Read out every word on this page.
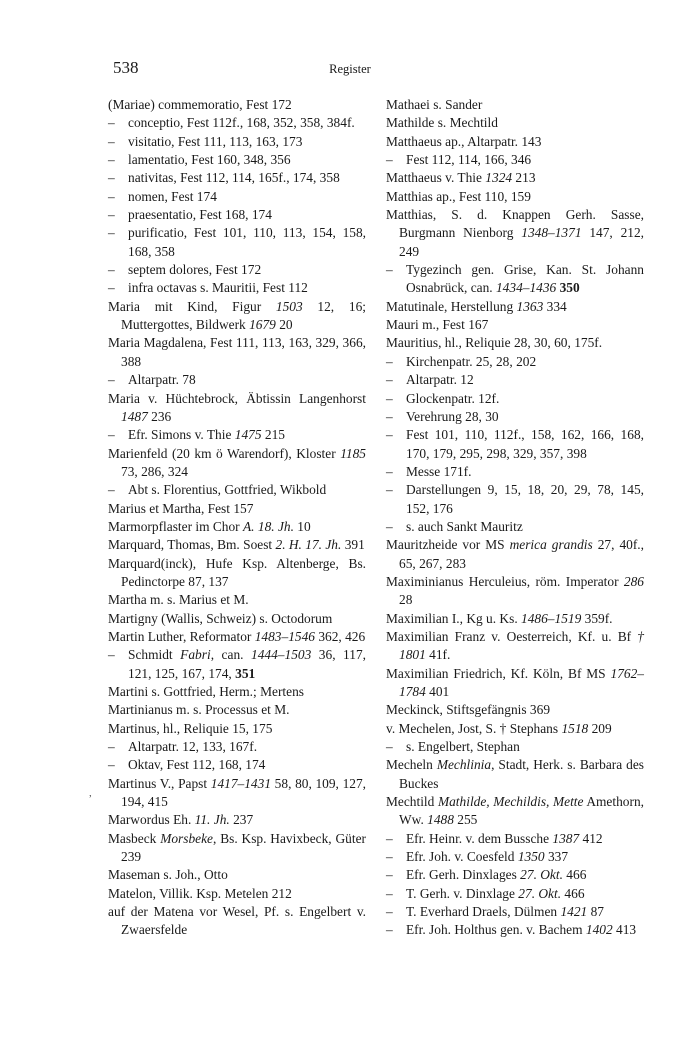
538	Register
,
(Mariae) commemoratio, Fest 172
– conceptio, Fest 112f., 168, 352, 358, 384f.
– visitatio, Fest 111, 113, 163, 173
– lamentatio, Fest 160, 348, 356
– nativitas, Fest 112, 114, 165f., 174, 358
– nomen, Fest 174
– praesentatio, Fest 168, 174
– purificatio, Fest 101, 110, 113, 154, 158, 168, 358
– septem dolores, Fest 172
– infra octavas s. Mauritii, Fest 112
Maria mit Kind, Figur 1503 12, 16; Muttergottes, Bildwerk 1679 20
Maria Magdalena, Fest 111, 113, 163, 329, 366, 388
– Altarpatr. 78
Maria v. Hüchtebrock, Äbtissin Langenhorst 1487 236
– Efr. Simons v. Thie 1475 215
Marienfeld (20 km ö Warendorf), Kloster 1185 73, 286, 324
– Abt s. Florentius, Gottfried, Wikbold
Marius et Martha, Fest 157
Marmorpflaster im Chor A. 18. Jh. 10
Marquard, Thomas, Bm. Soest 2. H. 17. Jh. 391
Marquard(inck), Hufe Ksp. Altenberge, Bs. Pedinctorpe 87, 137
Martha m. s. Marius et M.
Martigny (Wallis, Schweiz) s. Octodorum
Martin Luther, Reformator 1483–1546 362, 426
– Schmidt Fabri, can. 1444–1503 36, 117, 121, 125, 167, 174, 351
Martini s. Gottfried, Herm.; Mertens
Martinianus m. s. Processus et M.
Martinus, hl., Reliquie 15, 175
– Altarpatr. 12, 133, 167f.
– Oktav, Fest 112, 168, 174
Martinus V., Papst 1417–1431 58, 80, 109, 127, 194, 415
Marwordus Eh. 11. Jh. 237
Masbeck Morsbeke, Bs. Ksp. Havixbeck, Güter 239
Maseman s. Joh., Otto
Matelon, Villik. Ksp. Metelen 212
auf der Matena vor Wesel, Pf. s. Engelbert v. Zwaersfelde
Mathaei s. Sander
Mathilde s. Mechtild
Matthaeus ap., Altarpatr. 143
– Fest 112, 114, 166, 346
Matthaeus v. Thie 1324 213
Matthias ap., Fest 110, 159
Matthias, S. d. Knappen Gerh. Sasse, Burgmann Nienborg 1348–1371 147, 212, 249
– Tygezinch gen. Grise, Kan. St. Johann Osnabrück, can. 1434–1436 350
Matutinale, Herstellung 1363 334
Mauri m., Fest 167
Mauritius, hl., Reliquie 28, 30, 60, 175f.
– Kirchenpatr. 25, 28, 202
– Altarpatr. 12
– Glockenpatr. 12f.
– Verehrung 28, 30
– Fest 101, 110, 112f., 158, 162, 166, 168, 170, 179, 295, 298, 329, 357, 398
– Messe 171f.
– Darstellungen 9, 15, 18, 20, 29, 78, 145, 152, 176
– s. auch Sankt Mauritz
Mauritzheide vor MS merica grandis 27, 40f., 65, 267, 283
Maximinianus Herculeius, röm. Imperator 286 28
Maximilian I., Kg u. Ks. 1486–1519 359f.
Maximilian Franz v. Oesterreich, Kf. u. Bf † 1801 41f.
Maximilian Friedrich, Kf. Köln, Bf MS 1762–1784 401
Meckinck, Stiftsgefängnis 369
v. Mechelen, Jost, S. † Stephans 1518 209
– s. Engelbert, Stephan
Mecheln Mechlinia, Stadt, Herk. s. Barbara des Buckes
Mechtild Mathilde, Mechildis, Mette Amethorn, Ww. 1488 255
– Efr. Heinr. v. dem Bussche 1387 412
– Efr. Joh. v. Coesfeld 1350 337
– Efr. Gerh. Dinxlages 27. Okt. 466
– T. Gerh. v. Dinxlage 27. Okt. 466
– T. Everhard Draels, Dülmen 1421 87
– Efr. Joh. Holthus gen. v. Bachem 1402 413
